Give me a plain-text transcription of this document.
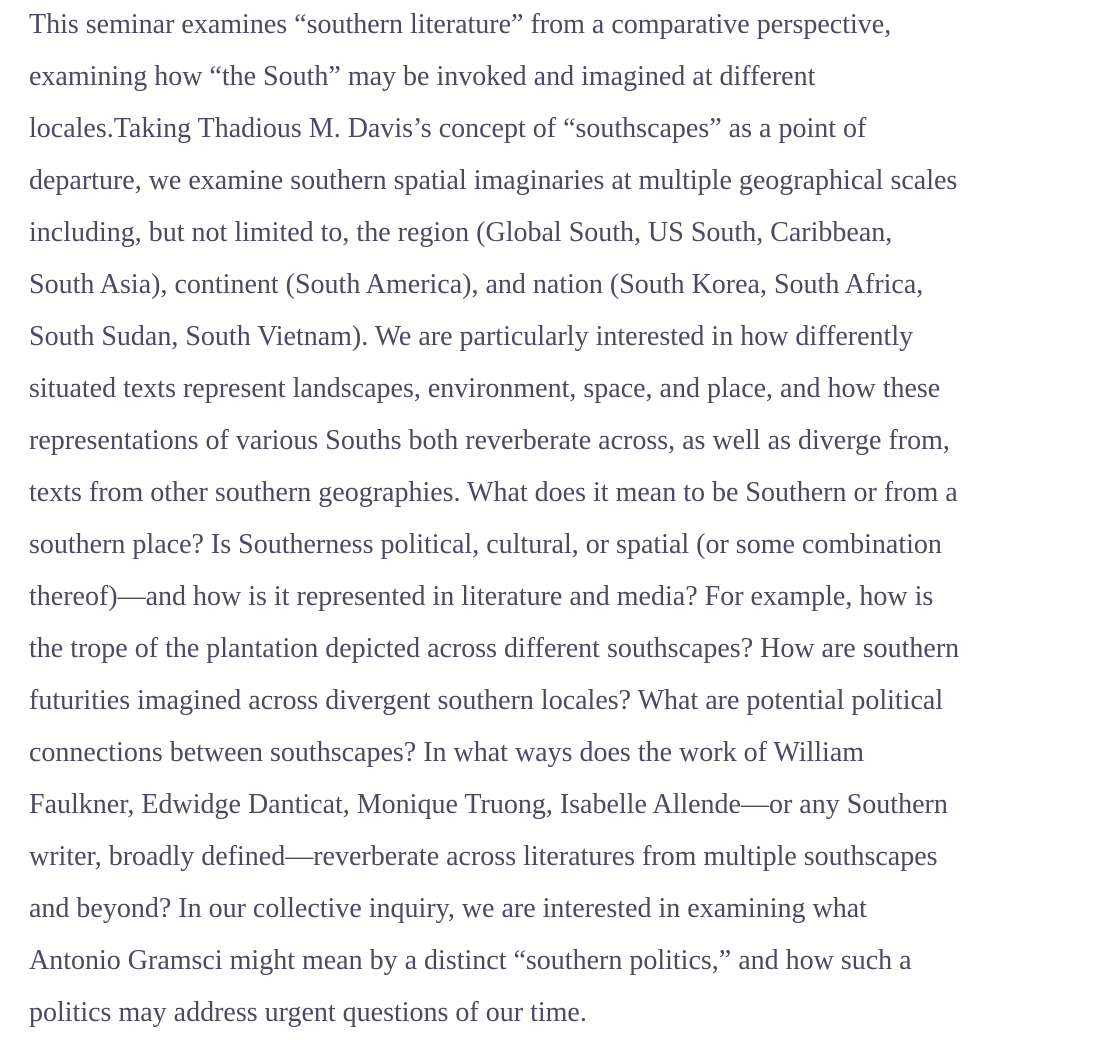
This seminar examines “southern literature” from a comparative perspective,
examining how “the South” may be invoked and imagined at different
locales.Taking Thadious M. Davis’s concept of “southscapes” as a point of
departure, we examine southern spatial imaginaries at multiple geographical scales
including, but not limited to, the region (Global South, US South, Caribbean,
South Asia), continent (South America), and nation (South Korea, South Africa,
South Sudan, South Vietnam). We are particularly interested in how differently
situated texts represent landscapes, environment, space, and place, and how these
representations of various Souths both reverberate across, as well as diverge from,
texts from other southern geographies. What does it mean to be Southern or from a
southern place? Is Southerness political, cultural, or spatial (or some combination
thereof)—and how is it represented in literature and media? For example, how is
the trope of the plantation depicted across different southscapes? How are southern
futurities imagined across divergent southern locales? What are potential political
connections between southscapes? In what ways does the work of William
Faulkner, Edwidge Danticat, Monique Truong, Isabelle Allende—or any Southern
writer, broadly defined—reverberate across literatures from multiple southscapes
and beyond? In our collective inquiry, we are interested in examining what
Antonio Gramsci might mean by a distinct “southern politics,” and how such a
politics may address urgent questions of our time.
